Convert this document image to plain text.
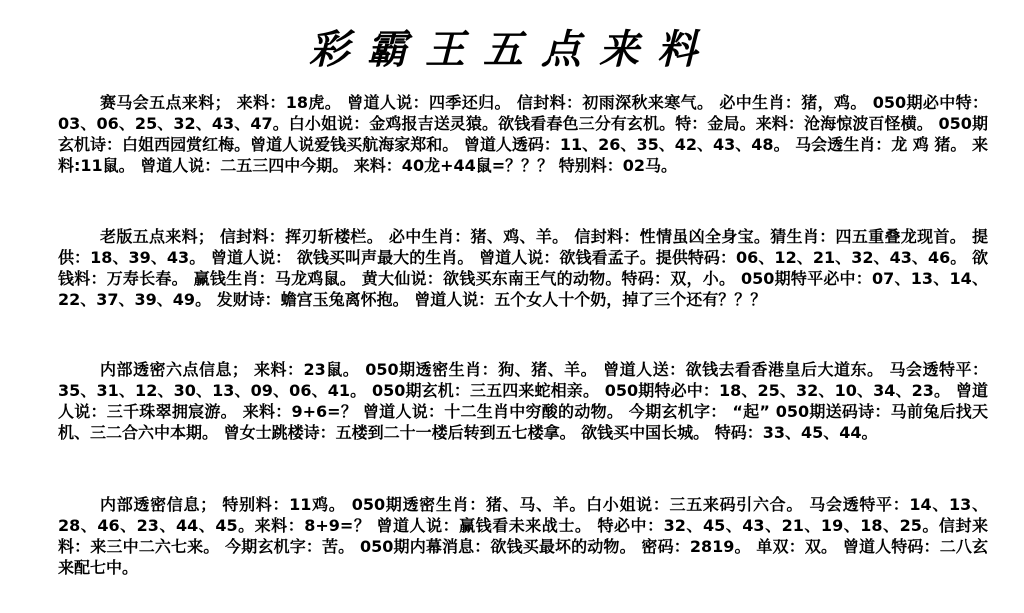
彩霸王五点来料
赛马会五点来料； 来料：18虎。 曾道人说：四季还归。 信封料：初雨深秋来寒气。 必中生肖：猪，鸡。 050期必中特：03、06、25、32、43、47。白小姐说：金鸡报吉送灵猿。欲钱看春色三分有玄机。特：金局。来料：沧海惊波百怪横。 050期玄机诗：白姐西园赏红梅。曾道人说爱钱买航海家郑和。 曾道人透码：11、26、35、42、43、48。 马会透生肖：龙 鸡 猪。 来料:11鼠。 曾道人说：二五三四中今期。 来料：40龙+44鼠=？？？ 特别料：02马。
老版五点来料； 信封料：挥刃斩楼栏。 必中生肖：猪、鸡、羊。 信封料：性情虽凶全身宝。猜生肖：四五重叠龙现首。 提供：18、39、43。 曾道人说： 欲钱买叫声最大的生肖。 曾道人说：欲钱看孟子。提供特码：06、12、21、32、43、46。 欲钱料：万寿长春。 赢钱生肖：马龙鸡鼠。 黄大仙说：欲钱买东南王气的动物。特码：双，小。 050期特平必中：07、13、14、22、37、39、49。 发财诗：蟾宫玉兔离怀抱。 曾道人说：五个女人十个奶，掉了三个还有？？？
内部透密六点信息； 来料：23鼠。 050期透密生肖：狗、猪、羊。 曾道人送：欲钱去看香港皇后大道东。 马会透特平：35、31、12、30、13、09、06、41。 050期玄机：三五四来蛇相亲。 050期特必中：18、25、32、10、34、23。 曾道人说：三千珠翠拥宸游。 来料：9+6=？ 曾道人说：十二生肖中穷酸的动物。 今期玄机字： “起” 050期送码诗：马前兔后找天机、三二合六中本期。 曾女士跳楼诗：五楼到二十一楼后转到五七楼拿。 欲钱买中国长城。 特码：33、45、44。
内部透密信息； 特别料：11鸡。 050期透密生肖：猪、马、羊。白小姐说：三五来码引六合。 马会透特平：14、13、28、46、23、44、45。来料：8+9=？ 曾道人说：赢钱看未来战士。 特必中：32、45、43、21、19、18、25。信封来料：来三中二六七来。 今期玄机字：苦。 050期内幕消息：欲钱买最坏的动物。 密码：2819。 单双：双。 曾道人特码：二八玄来配七中。
